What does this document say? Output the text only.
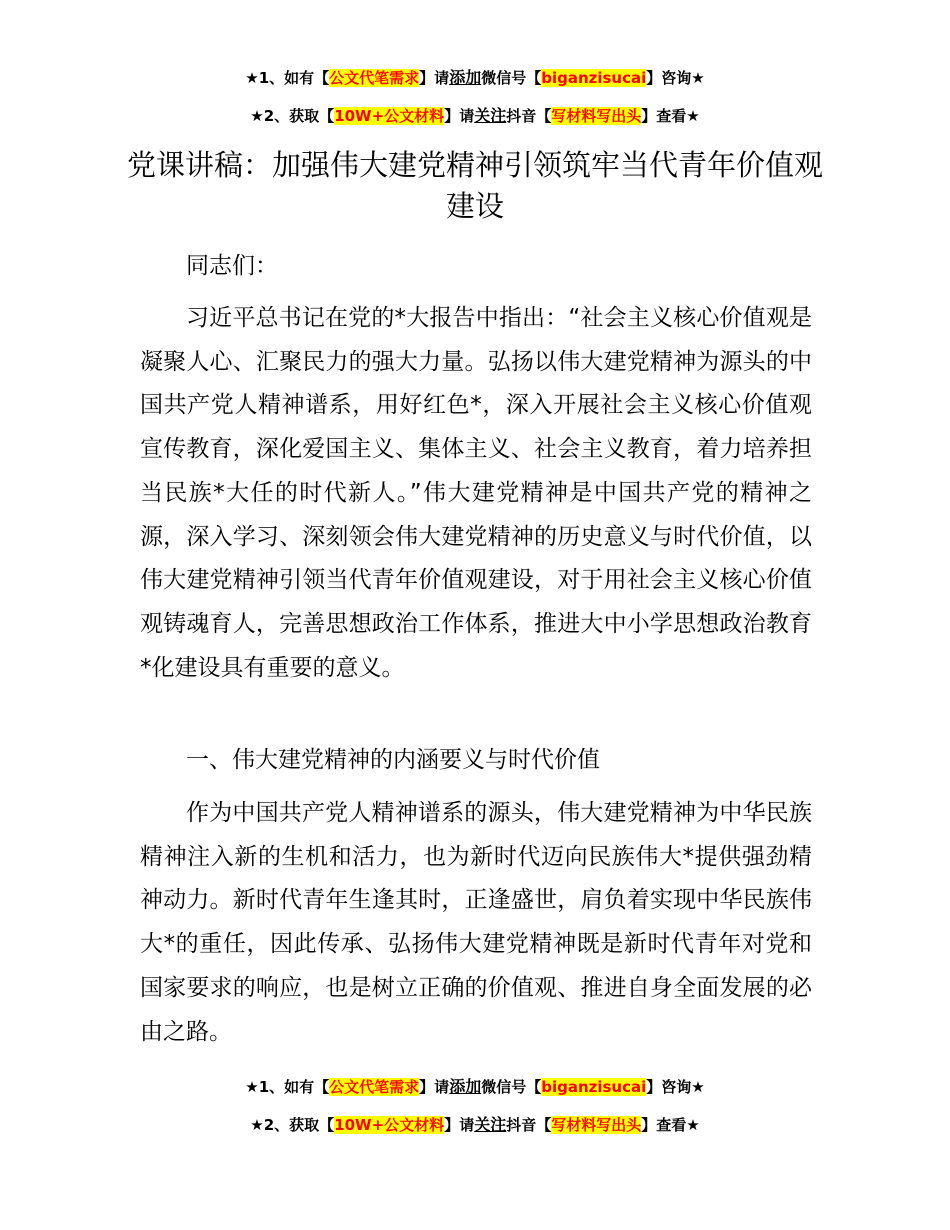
★1、如有【公文代笔需求】请添加微信号【biganzisucai】咨询★
★2、获取【10W+公文材料】请关注抖音【写材料写出头】查看★
党课讲稿：加强伟大建党精神引领筑牢当代青年价值观建设

同志们：

习近平总书记在党的*大报告中指出：“社会主义核心价值观是凝聚人心、汇聚民力的强大力量。弘扬以伟大建党精神为源头的中国共产党人精神谱系，用好红色*，深入开展社会主义核心价值观宣传教育，深化爱国主义、集体主义、社会主义教育，着力培养担当民族*大任的时代新人。”伟大建党精神是中国共产党的精神之源，深入学习、深刻领会伟大建党精神的历史意义与时代价值，以伟大建党精神引领当代青年价值观建设，对于用社会主义核心价值观铸魂育人，完善思想政治工作体系，推进大中小学思想政治教育*化建设具有重要的意义。

一、伟大建党精神的内涵要义与时代价值

作为中国共产党人精神谱系的源头，伟大建党精神为中华民族精神注入新的生机和活力，也为新时代迈向民族伟大*提供强劲精神动力。新时代青年生逢其时，正逢盛世，肩负着实现中华民族伟大*的重任，因此传承、弘扬伟大建党精神既是新时代青年对党和国家要求的响应，也是树立正确的价值观、推进自身全面发展的必由之路。

★1、如有【公文代笔需求】请添加微信号【biganzisucai】咨询★
★2、获取【10W+公文材料】请关注抖音【写材料写出头】查看★
